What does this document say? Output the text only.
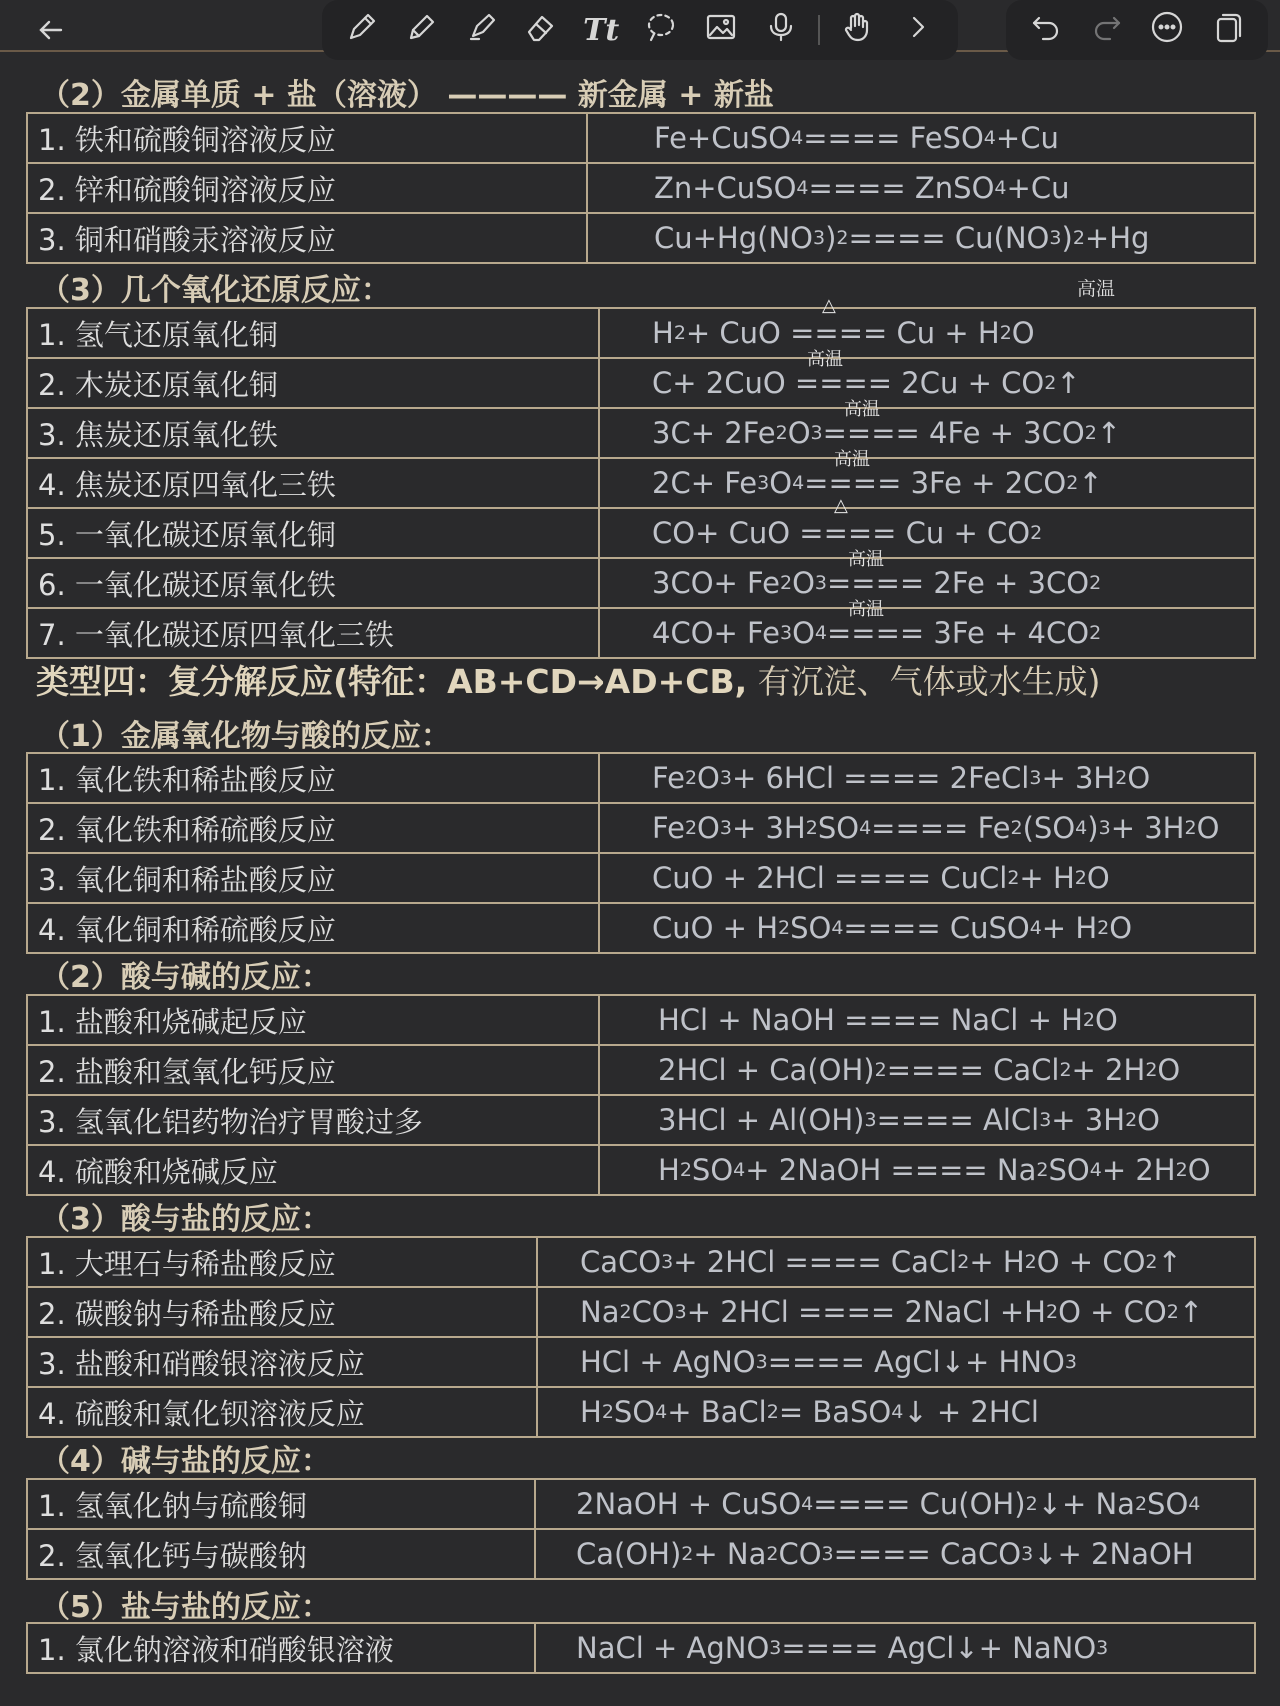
Tt
（2）金属单质 + 盐（溶液） ———— 新金属 + 新盐
1. 铁和硫酸铜溶液反应	Fe+CuSO 4 ==== FeSO 4 +Cu
2. 锌和硫酸铜溶液反应	Zn+CuSO 4 ==== ZnSO 4 +Cu
3. 铜和硝酸汞溶液反应	Cu+Hg(NO 3 ) 2 ==== Cu(NO 3 ) 2 +Hg
（3）几个氧化还原反应：	高温
1. 氢气还原氧化铜	H 2 + CuO ==== Cu + H 2 O
△
2. 木炭还原氧化铜	C+ 2CuO ==== 2Cu + CO 2 ↑
高温
3. 焦炭还原氧化铁	3C+ 2Fe 2 O 3 ==== 4Fe + 3CO 2 ↑
高温
4. 焦炭还原四氧化三铁	2C+ Fe 3 O 4 ==== 3Fe + 2CO 2 ↑
高温
5. 一氧化碳还原氧化铜	CO+ CuO ==== Cu + CO 2
△
6. 一氧化碳还原氧化铁	3CO+ Fe 2 O 3 ==== 2Fe + 3CO 2
高温
7. 一氧化碳还原四氧化三铁	4CO+ Fe 3 O 4 ==== 3Fe + 4CO 2
高温
类型四：复分解反应(特征：AB+CD→AD+CB, 有沉淀、气体或水生成)
（1）金属氧化物与酸的反应：
1. 氧化铁和稀盐酸反应	Fe 2 O 3 + 6HCl ==== 2FeCl 3 + 3H 2 O
2. 氧化铁和稀硫酸反应	Fe 2 O 3 + 3H 2 SO 4 ==== Fe 2 (SO 4 ) 3 + 3H 2 O
3. 氧化铜和稀盐酸反应	CuO + 2HCl ==== CuCl 2 + H 2 O
4. 氧化铜和稀硫酸反应	CuO + H 2 SO 4 ==== CuSO 4 + H 2 O
（2）酸与碱的反应：
1. 盐酸和烧碱起反应	HCl + NaOH ==== NaCl + H 2 O
2. 盐酸和氢氧化钙反应	2HCl + Ca(OH) 2 ==== CaCl 2 + 2H 2 O
3. 氢氧化铝药物治疗胃酸过多	3HCl + Al(OH) 3 ==== AlCl 3 + 3H 2 O
4. 硫酸和烧碱反应	H 2 SO 4 + 2NaOH ==== Na 2 SO 4 + 2H 2 O
（3）酸与盐的反应：
1. 大理石与稀盐酸反应	CaCO 3 + 2HCl ==== CaCl 2 + H 2 O + CO 2 ↑
2. 碳酸钠与稀盐酸反应	Na 2 CO 3 + 2HCl ==== 2NaCl +H 2 O + CO 2 ↑
3. 盐酸和硝酸银溶液反应	HCl + AgNO 3 ==== AgCl↓+ HNO 3
4. 硫酸和氯化钡溶液反应	H 2 SO 4 + BaCl 2 = BaSO 4 ↓ + 2HCl
（4）碱与盐的反应：
1. 氢氧化钠与硫酸铜	2NaOH + CuSO 4 ==== Cu(OH) 2 ↓+ Na 2 SO 4
2. 氢氧化钙与碳酸钠	Ca(OH) 2 + Na 2 CO 3 ==== CaCO 3 ↓+ 2NaOH
（5）盐与盐的反应：
1. 氯化钠溶液和硝酸银溶液	NaCl + AgNO 3 ==== AgCl↓+ NaNO 3
